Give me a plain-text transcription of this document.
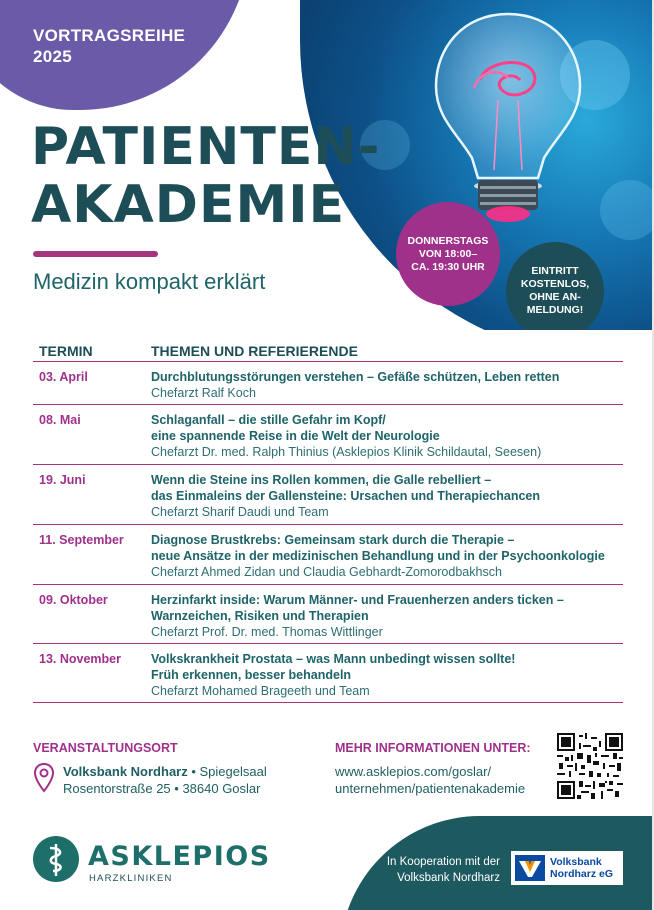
VORTRAGSREIHE
2025
PATIENTEN-
AKADEMIE
Medizin kompakt erklärt
DONNERSTAGS
VON 18:00–
CA. 19:30 UHR	EINTRITT
KOSTENLOS,
OHNE AN-
MELDUNG!
TERMIN	THEMEN UND REFERIERENDE
03. April	Durchblutungsstörungen verstehen – Gefäße schützen, Leben retten
Chefarzt Ralf Koch
08. Mai	Schlaganfall – die stille Gefahr im Kopf/
eine spannende Reise in die Welt der Neurologie
Chefarzt Dr. med. Ralph Thinius (Asklepios Klinik Schildautal, Seesen)
19. Juni	Wenn die Steine ins Rollen kommen, die Galle rebelliert –
das Einmaleins der Gallensteine: Ursachen und Therapiechancen
Chefarzt Sharif Daudi und Team
11. September	Diagnose Brustkrebs: Gemeinsam stark durch die Therapie –
neue Ansätze in der medizinischen Behandlung und in der Psychoonkologie
Chefarzt Ahmed Zidan und Claudia Gebhardt-Zomorodbakhsch
09. Oktober	Herzinfarkt inside: Warum Männer- und Frauenherzen anders ticken –
Warnzeichen, Risiken und Therapien
Chefarzt Prof. Dr. med. Thomas Wittlinger
13. November	Volkskrankheit Prostata – was Mann unbedingt wissen sollte!
Früh erkennen, besser behandeln
Chefarzt Mohamed Brageeth und Team
VERANSTALTUNGSORT
Volksbank Nordharz • Spiegelsaal
Rosentorstraße 25 • 38640 Goslar
MEHR INFORMATIONEN UNTER:
www.asklepios.com/goslar/
unternehmen/patientenakademie
ASKLEPIOS
HARZKLINIKEN
In Kooperation mit der
Volksbank Nordharz
Volksbank
Nordharz eG
